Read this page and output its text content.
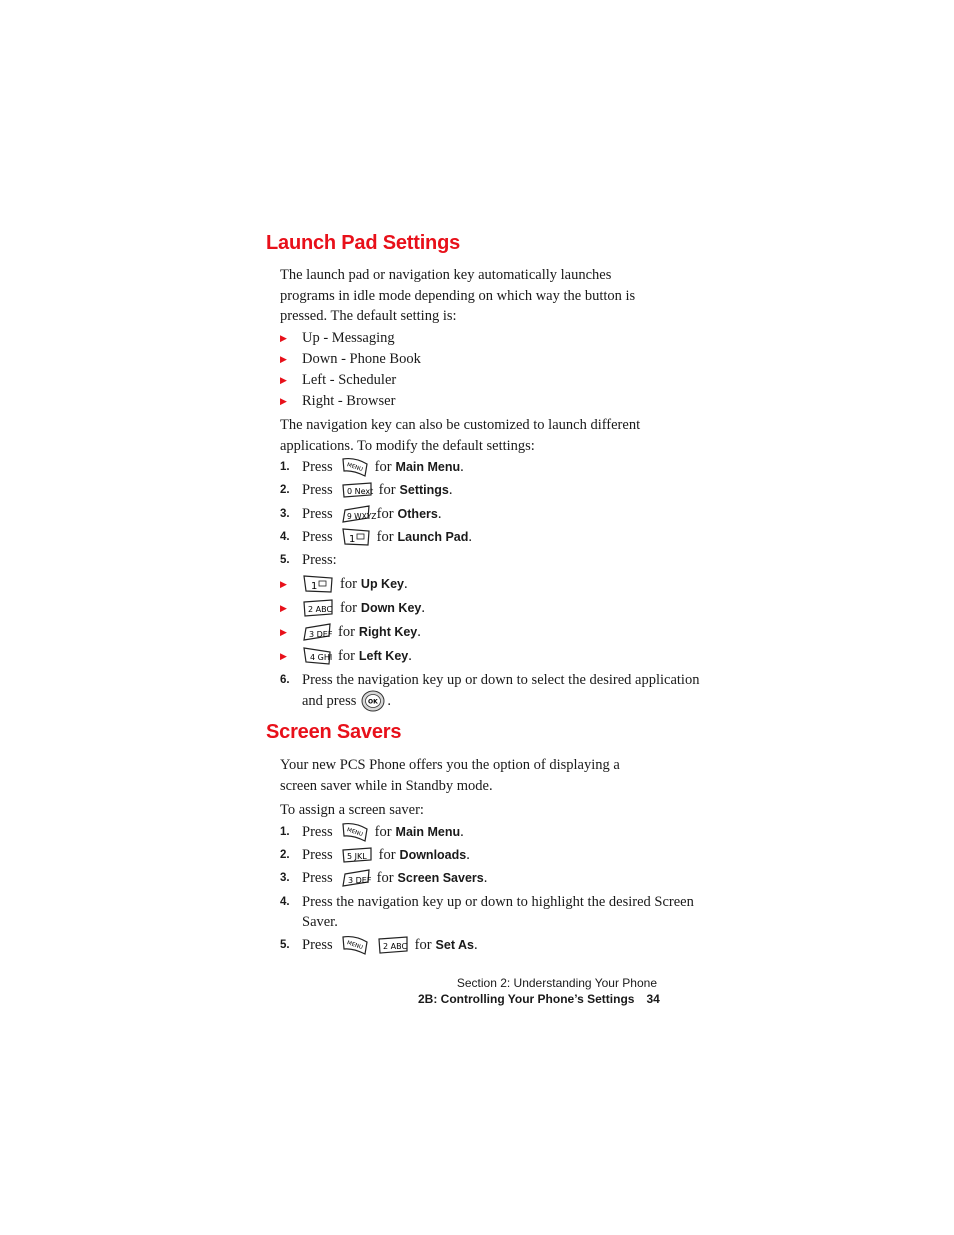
Launch Pad Settings

The launch pad or navigation key automatically launches programs in idle mode depending on which way the button is pressed. The default setting is:

▶	Up - Messaging
▶	Down - Phone Book
▶	Left - Scheduler
▶	Right - Browser

The navigation key can also be customized to launch different applications. To modify the default settings:

1. Press MENU for Main Menu .
2. Press 0 Next for Settings .
3. Press 9 WXYZ for Others .
4. Press 1 for Launch Pad .
5. Press:
▶	1 for Up Key .
▶	2 ABC for Down Key .
▶	3 DEF for Right Key .
▶	4 GHI for Left Key .
6. Press the navigation key up or down to select the desired application
and press OK .
Screen Savers

Your new PCS Phone offers you the option of displaying a screen saver while in Standby mode.

To assign a screen saver:

1. Press MENU for Main Menu .
2. Press 5 JKL for Downloads .
3. Press 3 DEF for Screen Savers .
4. Press the navigation key up or down to highlight the desired Screen
Saver.
5. Press MENU 2 ABC for Set As .
Section 2: Understanding Your Phone
2B: Controlling Your Phone’s Settings 34
